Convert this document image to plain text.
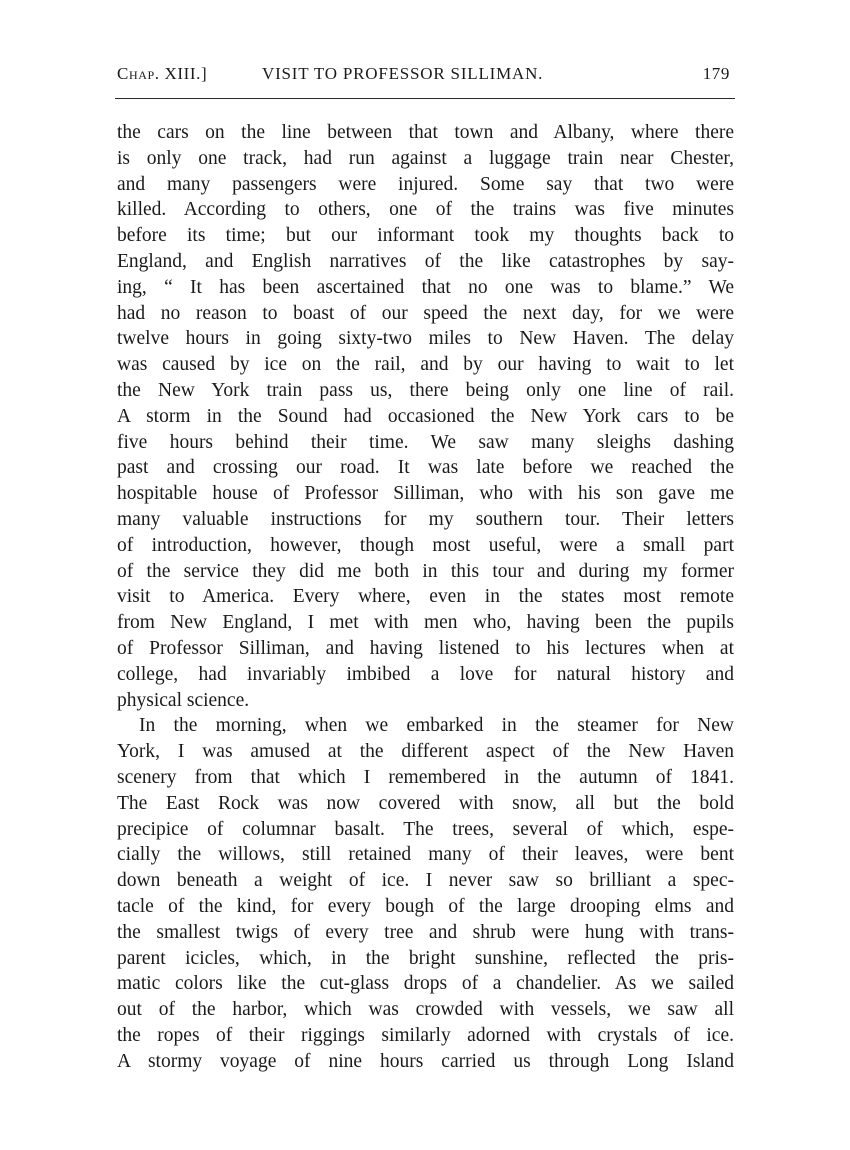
Chap. XIII.]	VISIT TO PROFESSOR SILLIMAN.	179
the cars on the line between that town and Albany, where there
is only one track, had run against a luggage train near Chester,
and many passengers were injured. Some say that two were
killed. According to others, one of the trains was five minutes
before its time; but our informant took my thoughts back to
England, and English narratives of the like catastrophes by say-
ing, “ It has been ascertained that no one was to blame.” We
had no reason to boast of our speed the next day, for we were
twelve hours in going sixty-two miles to New Haven. The delay
was caused by ice on the rail, and by our having to wait to let
the New York train pass us, there being only one line of rail.
A storm in the Sound had occasioned the New York cars to be
five hours behind their time. We saw many sleighs dashing
past and crossing our road. It was late before we reached the
hospitable house of Professor Silliman, who with his son gave me
many valuable instructions for my southern tour. Their letters
of introduction, however, though most useful, were a small part
of the service they did me both in this tour and during my former
visit to America. Every where, even in the states most remote
from New England, I met with men who, having been the pupils
of Professor Silliman, and having listened to his lectures when at
college, had invariably imbibed a love for natural history and
physical science.
In the morning, when we embarked in the steamer for New
York, I was amused at the different aspect of the New Haven
scenery from that which I remembered in the autumn of 1841.
The East Rock was now covered with snow, all but the bold
precipice of columnar basalt. The trees, several of which, espe-
cially the willows, still retained many of their leaves, were bent
down beneath a weight of ice. I never saw so brilliant a spec-
tacle of the kind, for every bough of the large drooping elms and
the smallest twigs of every tree and shrub were hung with trans-
parent icicles, which, in the bright sunshine, reflected the pris-
matic colors like the cut-glass drops of a chandelier. As we sailed
out of the harbor, which was crowded with vessels, we saw all
the ropes of their riggings similarly adorned with crystals of ice.
A stormy voyage of nine hours carried us through Long Island
